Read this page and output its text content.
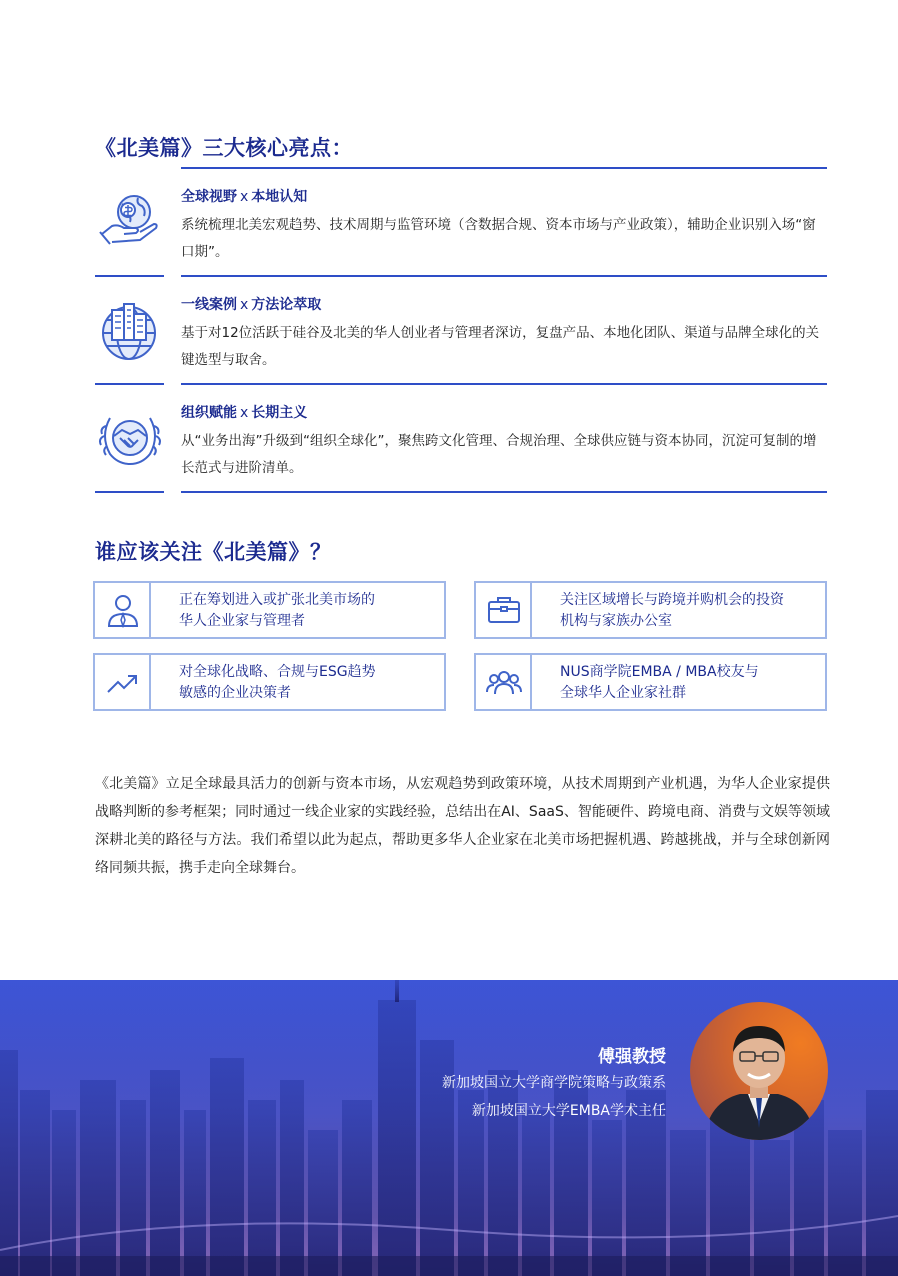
《北美篇》三大核心亮点：
全球视野 x 本地认知
系统梳理北美宏观趋势、技术周期与监管环境（含数据合规、资本市场与产业政策），辅助企业识别入场“窗口期”。
一线案例 x 方法论萃取
基于对12位活跃于硅谷及北美的华人创业者与管理者深访，复盘产品、本地化团队、渠道与品牌全球化的关键选型与取舍。
组织赋能 x 长期主义
从“业务出海”升级到“组织全球化”，聚焦跨文化管理、合规治理、全球供应链与资本协同，沉淀可复制的增长范式与进阶清单。
谁应该关注《北美篇》？
正在筹划进入或扩张北美市场的
华人企业家与管理者
关注区域增长与跨境并购机会的投资
机构与家族办公室
对全球化战略、合规与ESG趋势
敏感的企业决策者
NUS商学院EMBA / MBA校友与
全球华人企业家社群
《北美篇》立足全球最具活力的创新与资本市场，从宏观趋势到政策环境，从技术周期到产业机遇，为华人企业家提供战略判断的参考框架；同时通过一线企业家的实践经验，总结出在AI、SaaS、智能硬件、跨境电商、消费与文娱等领域深耕北美的路径与方法。我们希望以此为起点，帮助更多华人企业家在北美市场把握机遇、跨越挑战，并与全球创新网络同频共振，携手走向全球舞台。
傅强教授
新加坡国立大学商学院策略与政策系
新加坡国立大学EMBA学术主任
